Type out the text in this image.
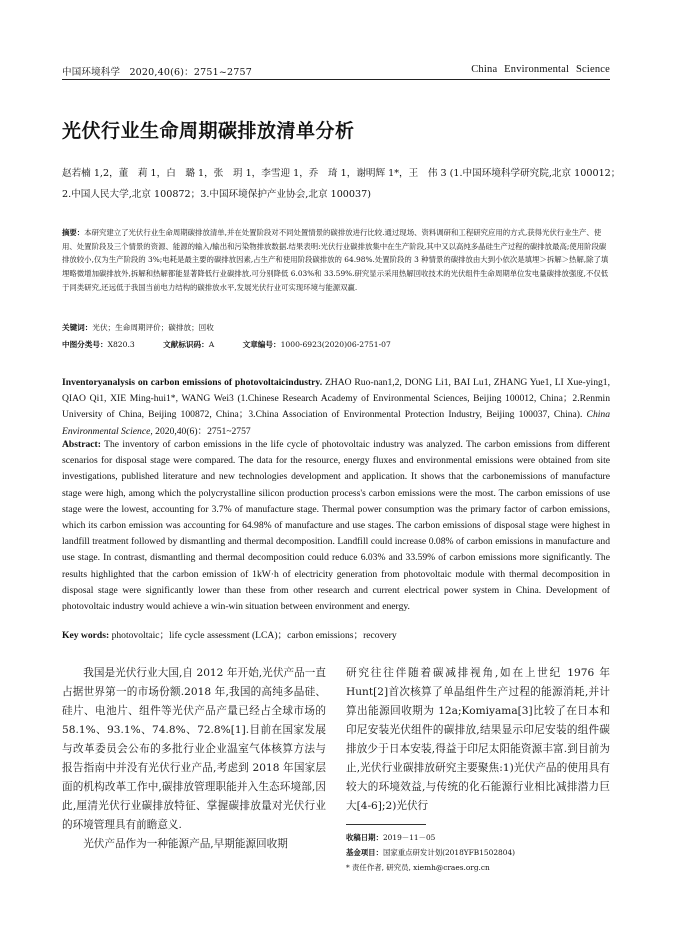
中国环境科学 2020,40(6)：2751~2757	China Environmental Science
光伏行业生命周期碳排放清单分析
赵若楠 1,2，董　莉 1，白　璐 1，张　玥 1，李雪迎 1，乔　琦 1，谢明辉 1*，王　伟 3 (1.中国环境科学研究院,北京 100012；
2.中国人民大学,北京 100872；3.中国环境保护产业协会,北京 100037)
摘要：本研究建立了光伏行业生命周期碳排放清单,并在处置阶段对不同处置情景的碳排放进行比较.通过现场、资料调研和工程研究应用的方式,获得光伏行业生产、使用、处置阶段及三个情景的资源、能源的输入/输出和污染物排放数据.结果表明:光伏行业碳排放集中在生产阶段,其中又以高纯多晶硅生产过程的碳排放最高;使用阶段碳排放较小,仅为生产阶段的 3%;电耗是最主要的碳排放因素,占生产和使用阶段碳排放的 64.98%.处置阶段的 3 种情景的碳排放由大到小依次是填埋＞拆解＞热解,除了填埋略微增加碳排放外,拆解和热解都能显著降低行业碳排放,可分别降低 6.03%和 33.59%.研究显示采用热解回收技术的光伏组件生命周期单位发电量碳排放强度,不仅低于同类研究,还远低于我国当前电力结构的碳排放水平,发展光伏行业可实现环境与能源双赢.
关键词：光伏；生命周期评价；碳排放；回收
中图分类号：X820.3	文献标识码：A	文章编号：1000-6923(2020)06-2751-07
Inventoryanalysis on carbon emissions of photovoltaicindustry. ZHAO Ruo-nan1,2, DONG Li1, BAI Lu1, ZHANG Yue1, LI Xue-ying1, QIAO Qi1, XIE Ming-hui1*, WANG Wei3 (1.Chinese Research Academy of Environmental Sciences, Beijing 100012, China；2.Renmin University of China, Beijing 100872, China；3.China Association of Environmental Protection Industry, Beijing 100037, China). China Environmental Science, 2020,40(6)：2751~2757
Abstract: The inventory of carbon emissions in the life cycle of photovoltaic industry was analyzed. The carbon emissions from different scenarios for disposal stage were compared. The data for the resource, energy fluxes and environmental emissions were obtained from site investigations, published literature and new technologies development and application. It shows that the carbonemissions of manufacture stage were high, among which the polycrystalline silicon production process's carbon emissions were the most. The carbon emissions of use stage were the lowest, accounting for 3.7% of manufacture stage. Thermal power consumption was the primary factor of carbon emissions, which its carbon emission was accounting for 64.98% of manufacture and use stages. The carbon emissions of disposal stage were highest in landfill treatment followed by dismantling and thermal decomposition. Landfill could increase 0.08% of carbon emissions in manufacture and use stage. In contrast, dismantling and thermal decomposition could reduce 6.03% and 33.59% of carbon emissions more significantly. The results highlighted that the carbon emission of 1kW·h of electricity generation from photovoltaic module with thermal decomposition in disposal stage were significantly lower than these from other research and current electrical power system in China. Development of photovoltaic industry would achieve a win-win situation between environment and energy.
Key words: photovoltaic；life cycle assessment (LCA)；carbon emissions；recovery
我国是光伏行业大国,自 2012 年开始,光伏产品一直占据世界第一的市场份额.2018 年,我国的高纯多晶硅、硅片、电池片、组件等光伏产品产量已经占全球市场的 58.1%、93.1%、74.8%、72.8%[1].目前在国家发展与改革委员会公布的多批行业企业温室气体核算方法与报告指南中并没有光伏行业产品,考虑到 2018 年国家层面的机构改革工作中,碳排放管理职能并入生态环境部,因此,厘清光伏行业碳排放特征、掌握碳排放量对光伏行业的环境管理具有前瞻意义.
光伏产品作为一种能源产品,早期能源回收期
研究往往伴随着碳减排视角,如在上世纪 1976 年 Hunt[2]首次核算了单晶组件生产过程的能源消耗,并计算出能源回收期为 12a;Komiyama[3]比较了在日本和印尼安装光伏组件的碳排放,结果显示印尼安装的组件碳排放少于日本安装,得益于印尼太阳能资源丰富.到目前为止,光伏行业碳排放研究主要聚焦:1)光伏产品的使用具有较大的环境效益,与传统的化石能源行业相比减排潜力巨大[4-6];2)光伏行
收稿日期：2019－11－05
基金项目：国家重点研发计划(2018YFB1502804)
* 责任作者, 研究员, xiemh@craes.org.cn
